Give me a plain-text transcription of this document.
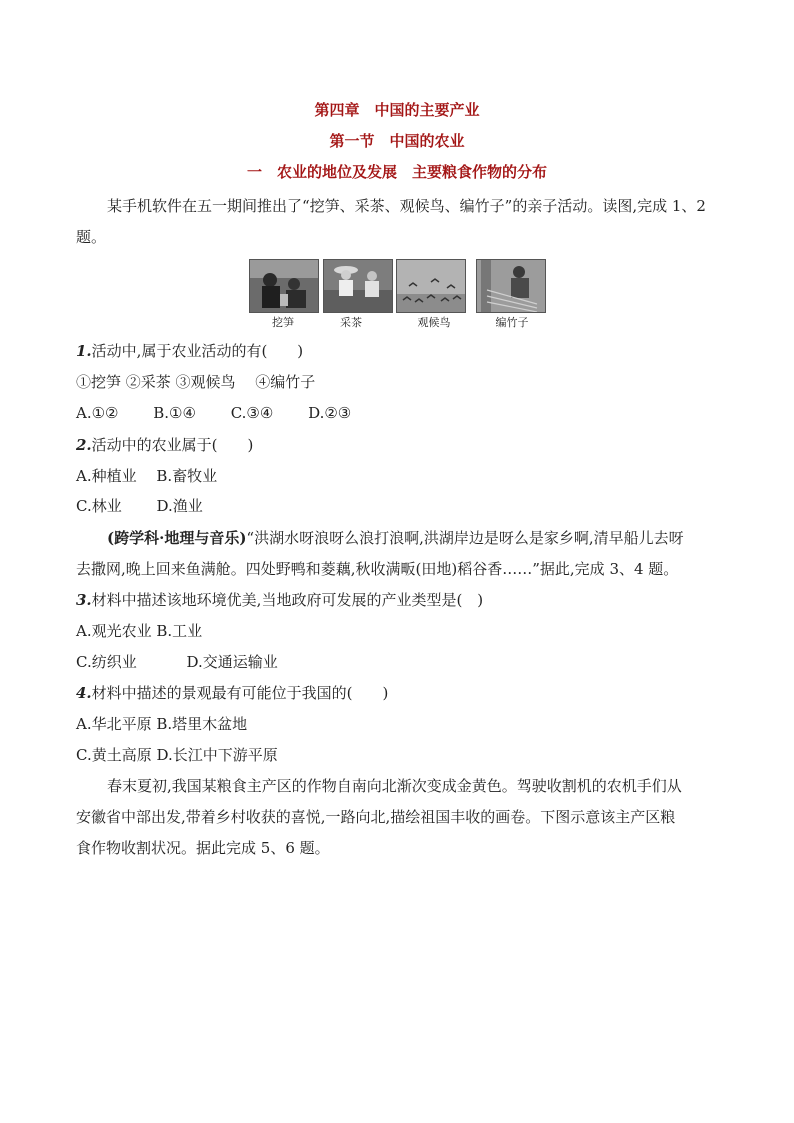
第四章　中国的主要产业
第一节　中国的农业
一　农业的地位及发展　主要粮食作物的分布

某手机软件在五一期间推出了“挖笋、采茶、观候鸟、编竹子”的亲子活动。读图,完成 1、2

题。

挖笋	采茶	观候鸟	编竹子

1.活动中,属于农业活动的有(　　)

①挖笋 ②采茶 ③观候鸟　 ④编竹子

A.①②　　 B.①④　　 C.③④　　 D.②③

2.活动中的农业属于(　　)

A.种植业　 B.畜牧业

C.林业　　 D.渔业

(跨学科·地理与音乐)“洪湖水呀浪呀么浪打浪啊,洪湖岸边是呀么是家乡啊,清早船儿去呀

去撒网,晚上回来鱼满舱。四处野鸭和菱藕,秋收满畈(田地)稻谷香……”据此,完成 3、4 题。

3.材料中描述该地环境优美,当地政府可发展的产业类型是(　)

A.观光农业 B.工业

C.纺织业　　　 D.交通运输业

4.材料中描述的景观最有可能位于我国的(　　)

A.华北平原 B.塔里木盆地

C.黄土高原 D.长江中下游平原

春末夏初,我国某粮食主产区的作物自南向北渐次变成金黄色。驾驶收割机的农机手们从

安徽省中部出发,带着乡村收获的喜悦,一路向北,描绘祖国丰收的画卷。下图示意该主产区粮

食作物收割状况。据此完成 5、6 题。
